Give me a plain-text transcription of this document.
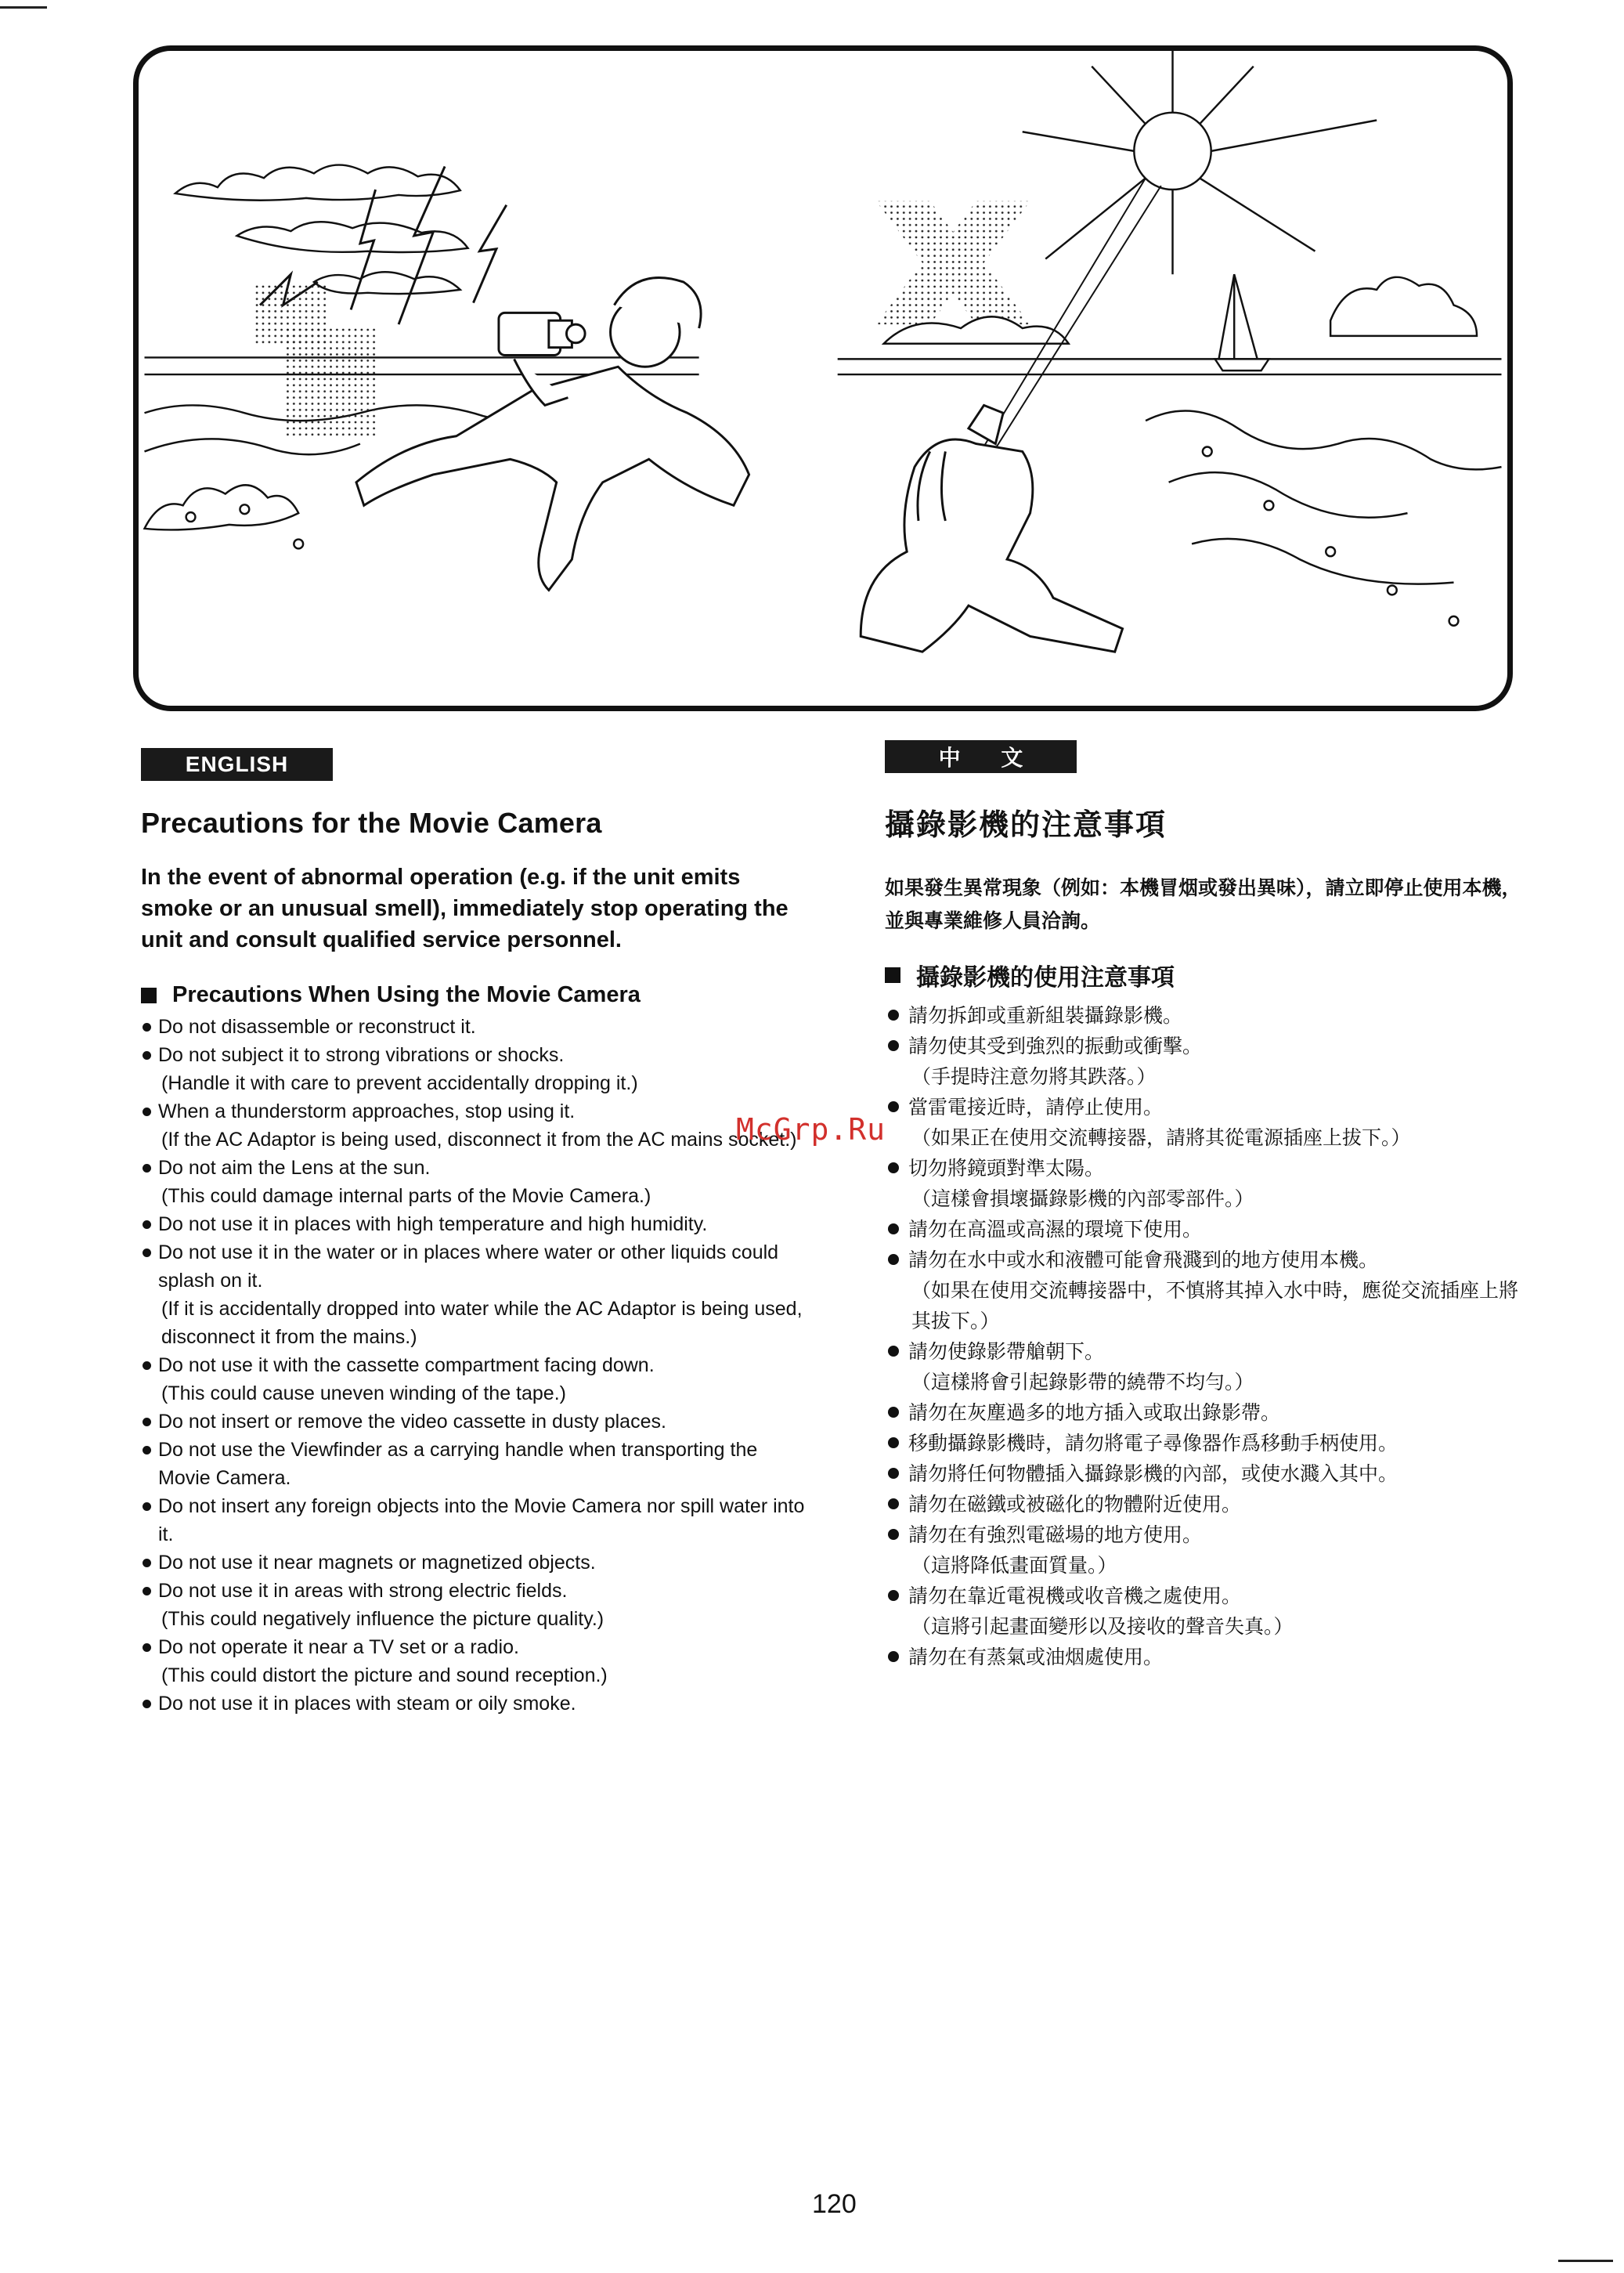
ENGLISH	中 文
Precautions for the Movie Camera

In the event of abnormal operation (e.g. if the unit emits smoke or an unusual smell), immediately stop operating the unit and consult qualified service personnel.

Precautions When Using the Movie Camera
Do not disassemble or reconstruct it.
Do not subject it to strong vibrations or shocks.
(Handle it with care to prevent accidentally dropping it.)
When a thunderstorm approaches, stop using it.
(If the AC Adaptor is being used, disconnect it from the AC mains socket.)
Do not aim the Lens at the sun.
(This could damage internal parts of the Movie Camera.)
Do not use it in places with high temperature and high humidity.
Do not use it in the water or in places where water or other liquids could splash on it.
(If it is accidentally dropped into water while the AC Adaptor is being used, disconnect it from the mains.)
Do not use it with the cassette compartment facing down.
(This could cause uneven winding of the tape.)
Do not insert or remove the video cassette in dusty places.
Do not use the Viewfinder as a carrying handle when transporting the Movie Camera.
Do not insert any foreign objects into the Movie Camera nor spill water into it.
Do not use it near magnets or magnetized objects.
Do not use it in areas with strong electric fields.
(This could negatively influence the picture quality.)
Do not operate it near a TV set or a radio.
(This could distort the picture and sound reception.)
Do not use it in places with steam or oily smoke.
攝錄影機的注意事項

如果發生異常現象（例如：本機冒烟或發出異味），請立即停止使用本機，並與專業維修人員洽詢。

攝錄影機的使用注意事項
請勿拆卸或重新組裝攝錄影機。
請勿使其受到強烈的振動或衝擊。
（手提時注意勿將其跌落。）
當雷電接近時，請停止使用。
（如果正在使用交流轉接器，請將其從電源插座上拔下。）
切勿將鏡頭對準太陽。
（這樣會損壞攝錄影機的內部零部件。）
請勿在高溫或高濕的環境下使用。
請勿在水中或水和液體可能會飛濺到的地方使用本機。
（如果在使用交流轉接器中，不慎將其掉入水中時，應從交流插座上將其拔下。）
請勿使錄影帶艙朝下。
（這樣將會引起錄影帶的繞帶不均勻。）
請勿在灰塵過多的地方插入或取出錄影帶。
移動攝錄影機時，請勿將電子尋像器作爲移動手柄使用。
請勿將任何物體插入攝錄影機的內部，或使水濺入其中。
請勿在磁鐵或被磁化的物體附近使用。
請勿在有強烈電磁場的地方使用。
（這將降低畫面質量。）
請勿在靠近電視機或收音機之處使用。
（這將引起畫面變形以及接收的聲音失真。）
請勿在有蒸氣或油烟處使用。
McGrp.Ru
120
